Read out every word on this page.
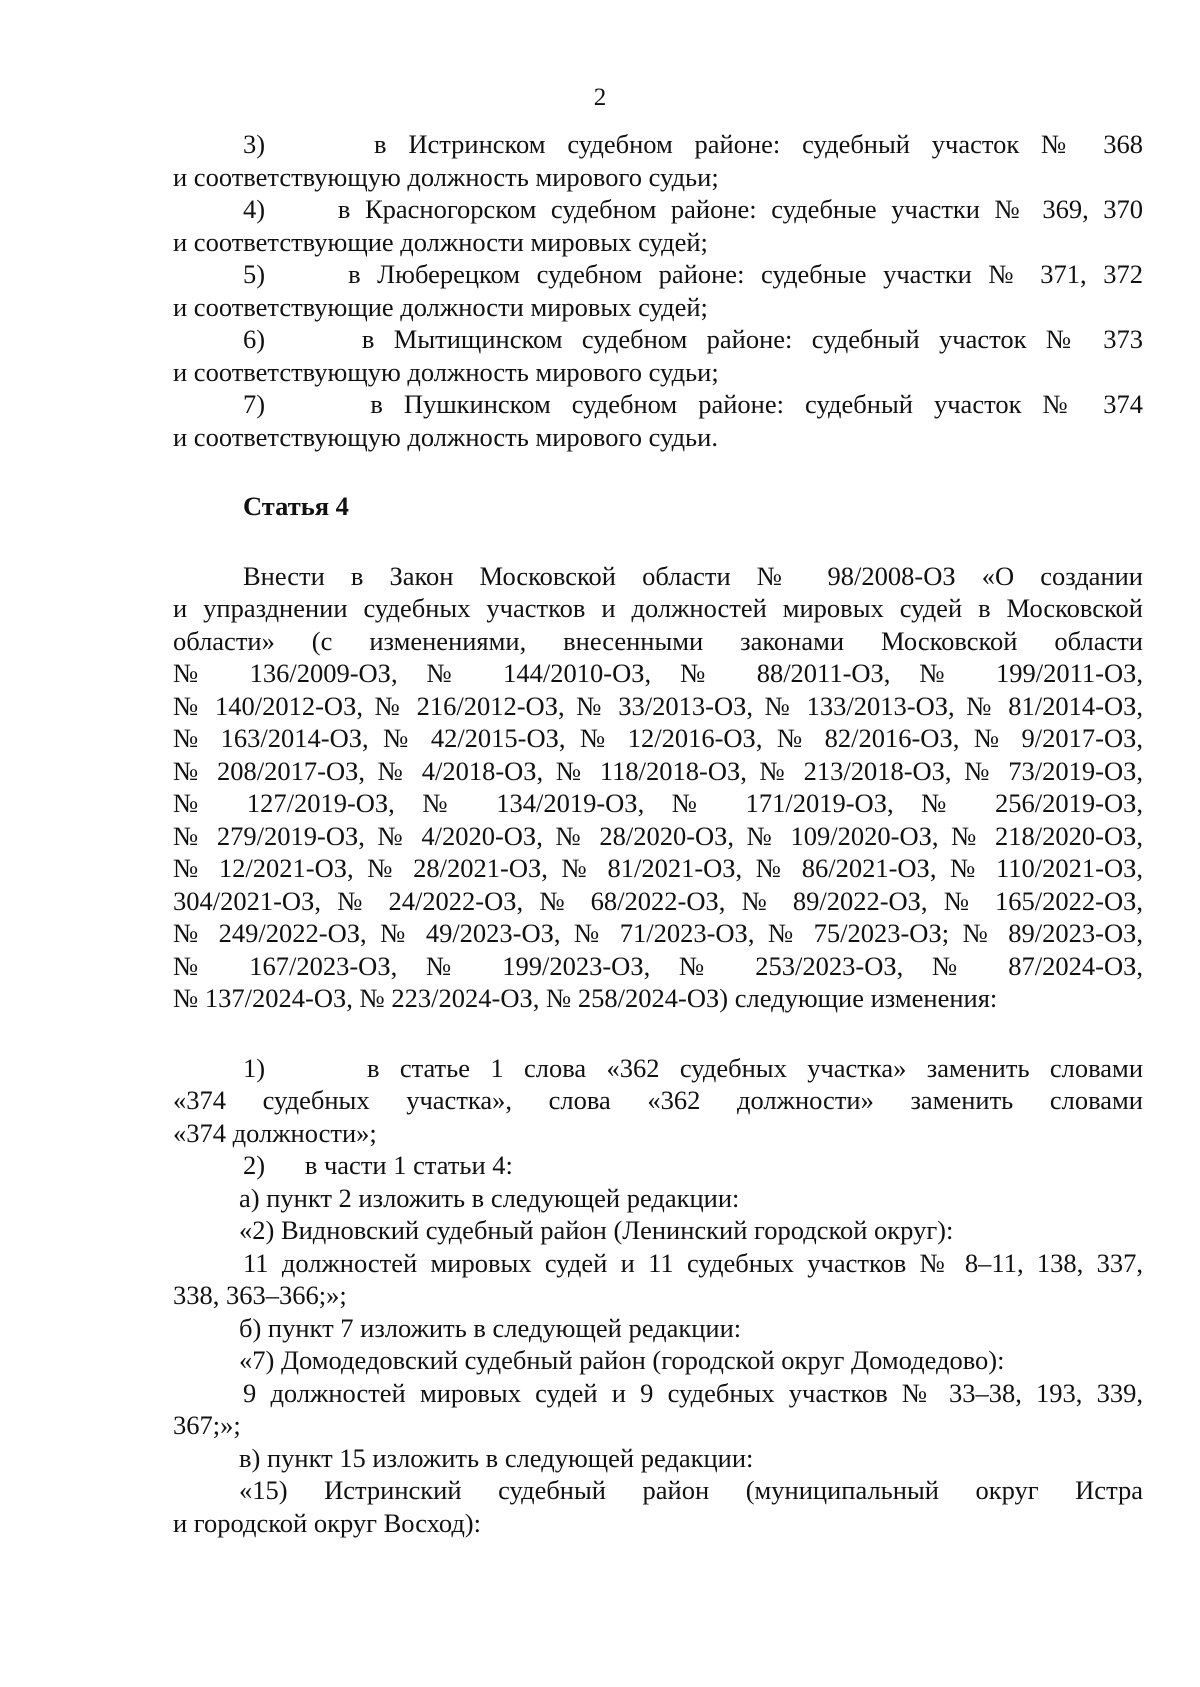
2
3)	в Истринском судебном районе: судебный участок № 368
и соответствующую должность мирового судьи;
4)	в Красногорском судебном районе: судебные участки № 369, 370
и соответствующие должности мировых судей;
5)	в Люберецком судебном районе: судебные участки № 371, 372
и соответствующие должности мировых судей;
6)	в Мытищинском судебном районе: судебный участок № 373
и соответствующую должность мирового судьи;
7)	в Пушкинском судебном районе: судебный участок № 374
и соответствующую должность мирового судьи.
Статья 4
Внести в Закон Московской области № 98/2008-ОЗ «О создании
и упразднении судебных участков и должностей мировых судей в Московской
области» (с изменениями, внесенными законами Московской области
№ 136/2009-ОЗ, № 144/2010-ОЗ, № 88/2011-ОЗ, № 199/2011-ОЗ,
№ 140/2012-ОЗ, № 216/2012-ОЗ, № 33/2013-ОЗ, № 133/2013-ОЗ, № 81/2014-ОЗ,
№ 163/2014-ОЗ, № 42/2015-ОЗ, № 12/2016-ОЗ, № 82/2016-ОЗ, № 9/2017-ОЗ,
№ 208/2017-ОЗ, № 4/2018-ОЗ, № 118/2018-ОЗ, № 213/2018-ОЗ, № 73/2019-ОЗ,
№ 127/2019-ОЗ, № 134/2019-ОЗ, № 171/2019-ОЗ, № 256/2019-ОЗ,
№ 279/2019-ОЗ, № 4/2020-ОЗ, № 28/2020-ОЗ, № 109/2020-ОЗ, № 218/2020-ОЗ,
№ 12/2021-ОЗ, № 28/2021-ОЗ, № 81/2021-ОЗ, № 86/2021-ОЗ, № 110/2021-ОЗ,
304/2021-ОЗ, № 24/2022-ОЗ, № 68/2022-ОЗ, № 89/2022-ОЗ, № 165/2022-ОЗ,
№ 249/2022-ОЗ, № 49/2023-ОЗ, № 71/2023-ОЗ, № 75/2023-ОЗ; № 89/2023-ОЗ,
№ 167/2023-ОЗ, № 199/2023-ОЗ, № 253/2023-ОЗ, № 87/2024-ОЗ,
№ 137/2024-ОЗ, № 223/2024-ОЗ, № 258/2024-ОЗ) следующие изменения:
1)	в статье 1 слова «362 судебных участка» заменить словами
«374 судебных участка», слова «362 должности» заменить словами
«374 должности»;
2) в части 1 статьи 4:
а) пункт 2 изложить в следующей редакции:
«2) Видновский судебный район (Ленинский городской округ):
11 должностей мировых судей и 11 судебных участков № 8–11, 138, 337,
338, 363–366;»;
б) пункт 7 изложить в следующей редакции:
«7) Домодедовский судебный район (городской округ Домодедово):
9 должностей мировых судей и 9 судебных участков № 33–38, 193, 339,
367;»;
в) пункт 15 изложить в следующей редакции:
«15) Истринский судебный район (муниципальный округ Истра
и городской округ Восход):
